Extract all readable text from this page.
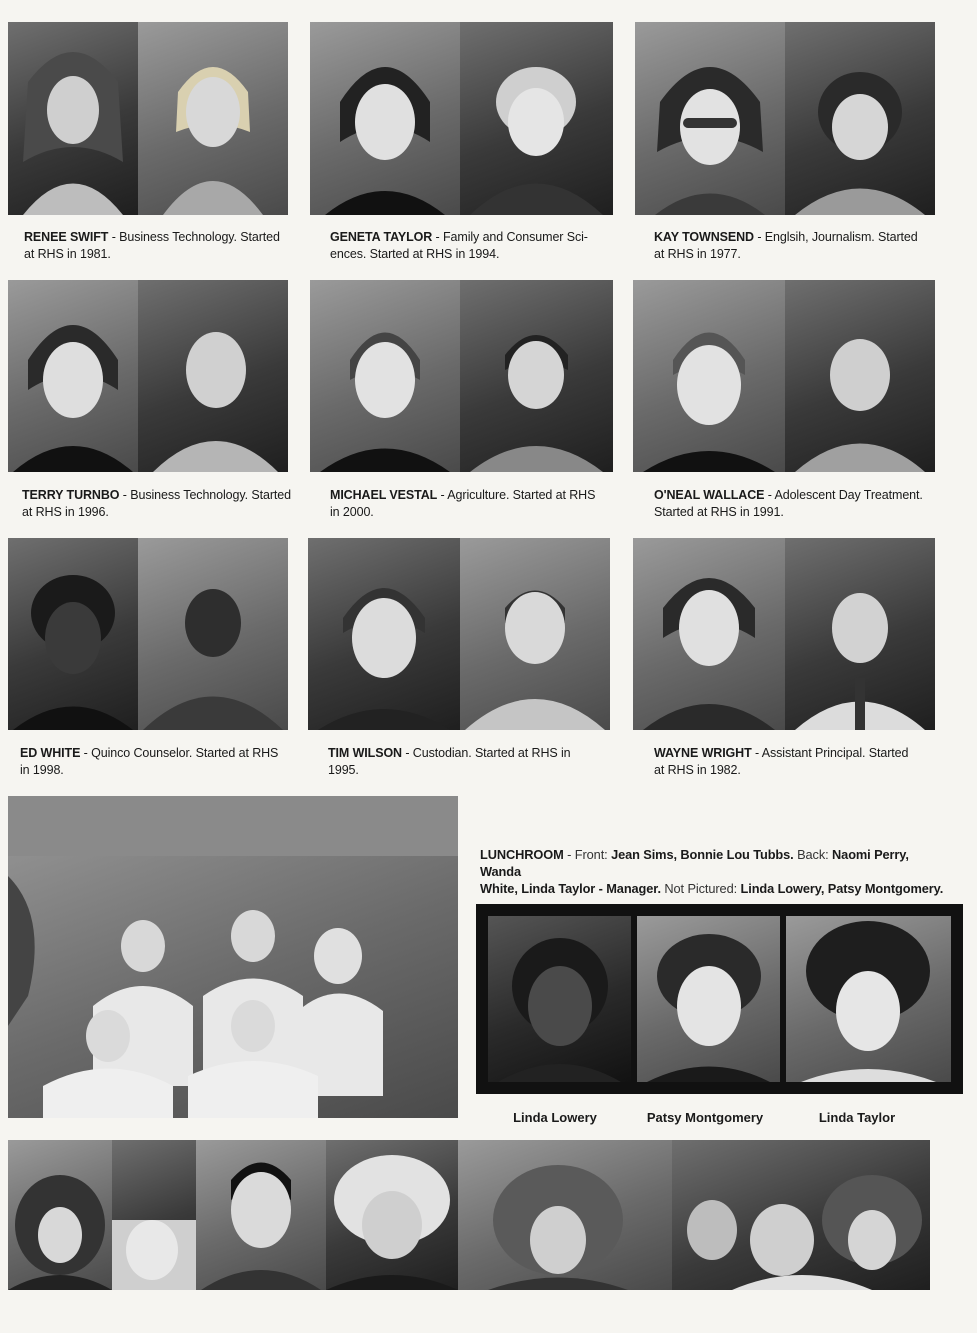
RENEE SWIFT - Business Technology. Started
at RHS in 1981.
GENETA TAYLOR - Family and Consumer Sci-
ences. Started at RHS in 1994.
KAY TOWNSEND - Englsih, Journalism. Started
at RHS in 1977.
TERRY TURNBO - Business Technology. Started
at RHS in 1996.
MICHAEL VESTAL - Agriculture. Started at RHS
in 2000.
O'NEAL WALLACE - Adolescent Day Treatment.
Started at RHS in 1991.
ED WHITE - Quinco Counselor. Started at RHS
in 1998.
TIM WILSON - Custodian. Started at RHS in
1995.
WAYNE WRIGHT - Assistant Principal. Started
at RHS in 1982.
LUNCHROOM - Front: Jean Sims, Bonnie Lou Tubbs. Back: Naomi Perry, Wanda
White, Linda Taylor - Manager. Not Pictured: Linda Lowery, Patsy Montgomery.
Linda Lowery	Patsy Montgomery	Linda Taylor
